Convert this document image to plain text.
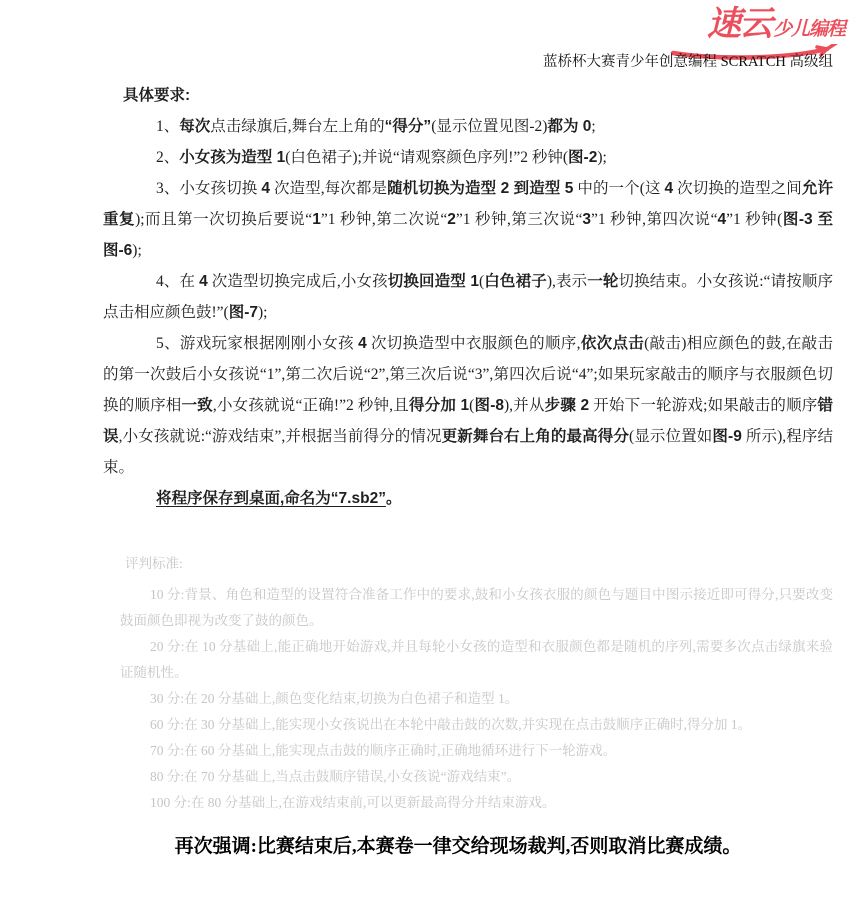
速云 少儿编程
蓝桥杯大赛青少年创意编程 SCRATCH 高级组

具体要求:

1、每次点击绿旗后,舞台左上角的“得分”(显示位置见图-2)都为 0;

2、小女孩为造型 1(白色裙子);并说“请观察颜色序列!”2 秒钟(图-2);

3、小女孩切换 4 次造型,每次都是随机切换为造型 2 到造型 5 中的一个(这 4 次切换的造型之间允许重复);而且第一次切换后要说“1”1 秒钟,第二次说“2”1 秒钟,第三次说“3”1 秒钟,第四次说“4”1 秒钟(图-3 至图-6);

4、在 4 次造型切换完成后,小女孩切换回造型 1(白色裙子),表示一轮切换结束。小女孩说:“请按顺序点击相应颜色鼓!”(图-7);

5、游戏玩家根据刚刚小女孩 4 次切换造型中衣服颜色的顺序,依次点击(敲击)相应颜色的鼓,在敲击的第一次鼓后小女孩说“1”,第二次后说“2”,第三次后说“3”,第四次后说“4”;如果玩家敲击的顺序与衣服颜色切换的顺序相一致,小女孩就说“正确!”2 秒钟,且得分加 1(图-8),并从步骤 2 开始下一轮游戏;如果敲击的顺序错误,小女孩就说:“游戏结束”,并根据当前得分的情况更新舞台右上角的最高得分(显示位置如图-9 所示),程序结束。

将程序保存到桌面,命名为“7.sb2”。

评判标准:

10 分:背景、角色和造型的设置符合准备工作中的要求,鼓和小女孩衣服的颜色与题目中图示接近即可得分,只要改变鼓面颜色即视为改变了鼓的颜色。

20 分:在 10 分基础上,能正确地开始游戏,并且每轮小女孩的造型和衣服颜色都是随机的序列,需要多次点击绿旗来验证随机性。

30 分:在 20 分基础上,颜色变化结束,切换为白色裙子和造型 1。

60 分:在 30 分基础上,能实现小女孩说出在本轮中敲击鼓的次数,并实现在点击鼓顺序正确时,得分加 1。

70 分:在 60 分基础上,能实现点击鼓的顺序正确时,正确地循环进行下一轮游戏。

80 分:在 70 分基础上,当点击鼓顺序错误,小女孩说“游戏结束”。

100 分:在 80 分基础上,在游戏结束前,可以更新最高得分并结束游戏。

再次强调:比赛结束后,本赛卷一律交给现场裁判,否则取消比赛成绩。
